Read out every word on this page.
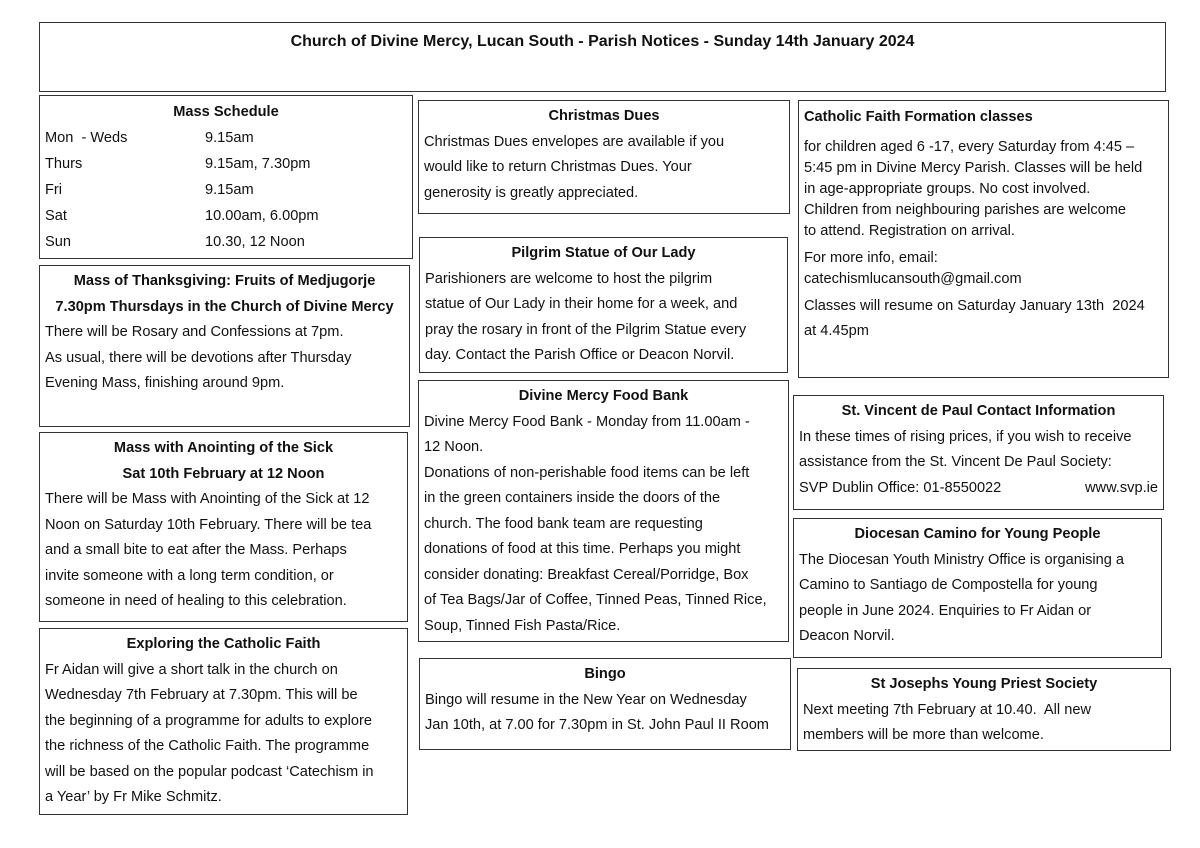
Church of Divine Mercy, Lucan South - Parish Notices - Sunday 14th January 2024

Mass Schedule

Mon  - Weds	9.15am
Thurs	9.15am, 7.30pm
Fri	9.15am
Sat	10.00am, 6.00pm
Sun	10.30, 12 Noon

Mass of Thanksgiving: Fruits of Medjugorje

7.30pm Thursdays in the Church of Divine Mercy

There will be Rosary and Confessions at 7pm.

As usual, there will be devotions after Thursday

Evening Mass, finishing around 9pm.

Mass with Anointing of the Sick

Sat 10th February at 12 Noon

There will be Mass with Anointing of the Sick at 12

Noon on Saturday 10th February. There will be tea

and a small bite to eat after the Mass. Perhaps

invite someone with a long term condition, or

someone in need of healing to this celebration.

Exploring the Catholic Faith

Fr Aidan will give a short talk in the church on

Wednesday 7th February at 7.30pm. This will be

the beginning of a programme for adults to explore

the richness of the Catholic Faith. The programme

will be based on the popular podcast ‘Catechism in

a Year’ by Fr Mike Schmitz.

Christmas Dues

Christmas Dues envelopes are available if you

would like to return Christmas Dues. Your

generosity is greatly appreciated.

Pilgrim Statue of Our Lady

Parishioners are welcome to host the pilgrim

statue of Our Lady in their home for a week, and

pray the rosary in front of the Pilgrim Statue every

day. Contact the Parish Office or Deacon Norvil.

Divine Mercy Food Bank

Divine Mercy Food Bank - Monday from 11.00am -

12 Noon.

Donations of non-perishable food items can be left

in the green containers inside the doors of the

church. The food bank team are requesting

donations of food at this time. Perhaps you might

consider donating: Breakfast Cereal/Porridge, Box

of Tea Bags/Jar of Coffee, Tinned Peas, Tinned Rice,

Soup, Tinned Fish Pasta/Rice.

Bingo

Bingo will resume in the New Year on Wednesday

Jan 10th, at 7.00 for 7.30pm in St. John Paul II Room

Catholic Faith Formation classes

for children aged 6 -17, every Saturday from 4:45 –

5:45 pm in Divine Mercy Parish. Classes will be held

in age-appropriate groups. No cost involved.

Children from neighbouring parishes are welcome

to attend. Registration on arrival.

For more info, email:

catechismlucansouth@gmail.com

Classes will resume on Saturday January 13th  2024

at 4.45pm

St. Vincent de Paul Contact Information

In these times of rising prices, if you wish to receive

assistance from the St. Vincent De Paul Society:

SVP Dublin Office: 01-8550022	www.svp.ie

Diocesan Camino for Young People

The Diocesan Youth Ministry Office is organising a

Camino to Santiago de Compostella for young

people in June 2024. Enquiries to Fr Aidan or

Deacon Norvil.

St Josephs Young Priest Society

Next meeting 7th February at 10.40.  All new

members will be more than welcome.
